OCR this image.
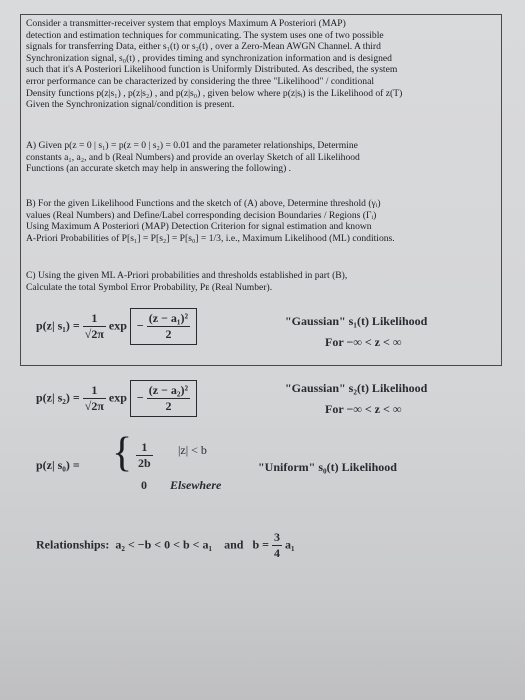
Consider a transmitter-receiver system that employs Maximum A Posteriori (MAP)
detection and estimation techniques for communicating. The system uses one of two possible
signals for transferring Data, either s₁(t) or s₂(t) , over a Zero-Mean AWGN Channel. A third
Synchronization signal, s₀(t) , provides timing and synchronization information and is designed
such that it's A Posteriori Likelihood function is Uniformly Distributed. As described, the system
error performance can be characterized by considering the three "Likelihood" / conditional
Density functions p(z|s₁) , p(z|s₂) , and p(z|s₀) , given below where p(z|sᵢ) is the Likelihood of z(T)
Given the Synchronization signal/condition is present.
A) Given p(z = 0 | s₁) = p(z = 0 | s₂) = 0.01 and the parameter relationships, Determine
constants a₁, a₂, and b (Real Numbers) and provide an overlay Sketch of all Likelihood
Functions (an accurate sketch may help in answering the following) .
B) For the given Likelihood Functions and the sketch of (A) above, Determine threshold (γᵢ)
values (Real Numbers) and Define/Label corresponding decision Boundaries / Regions (Γᵢ)
Using Maximum A Posteriori (MAP) Detection Criterion for signal estimation and known
A-Priori Probabilities of P[s₁] = P[s₂] = P[s₀] = 1/3, i.e., Maximum Likelihood (ML) conditions.
C) Using the given ML A-Priori probabilities and thresholds established in part (B),
Calculate the total Symbol Error Probability, Pᴇ (Real Number).
p(z| $s_1) = \frac{1}{√2\pi}$ $\exp - \frac{\text{(z − a₁)²}}{2}$	"Gaussian" s₁(t) Likelihood
For −∞ < z < ∞
p(z| $s_2) = \frac{1}{√2\pi}$ $\exp - \frac{\text{(z − a₂)²}}{2}$	"Gaussian" s₂(t) Likelihood
For −∞ < z < ∞
p(z| s₀) = { $\frac{1}{2b} |z| < b$
0 Elsewhere
"Uniform" s₀(t) Likelihood
Relationships: a₂ < −b < 0 < b < a₁ and $b = \frac{3}{4} a_1$
